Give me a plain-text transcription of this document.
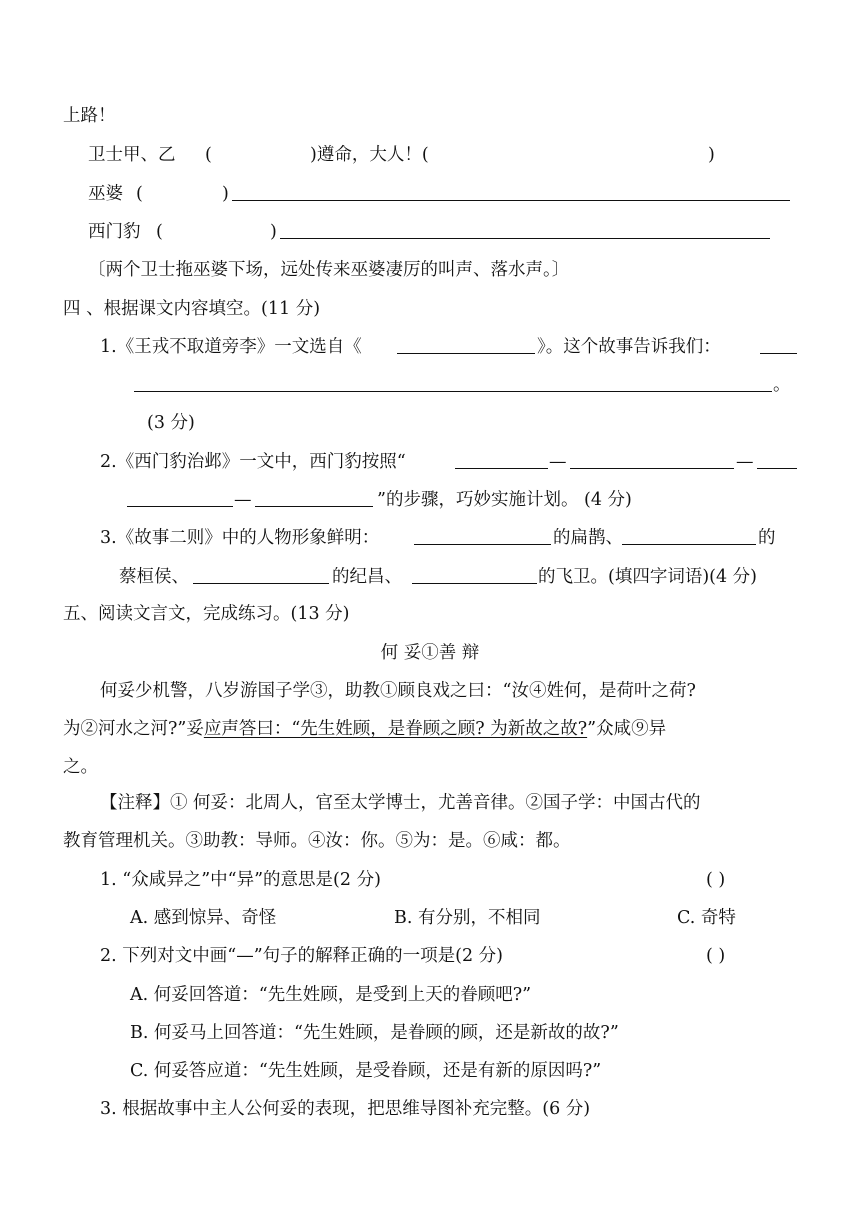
上路！
卫士甲、乙 (	)遵命，大人！(	)
巫婆 (	)
西门豹 (	)
〔两个卫士拖巫婆下场，远处传来巫婆凄厉的叫声、落水声。〕
四 、根据课文内容填空。(11 分)
1.《王戎不取道旁李》一文选自《	》。这个故事告诉我们：
。
(3 分)
2.《西门豹治邺》一文中，西门豹按照“	—	—
—	”的步骤，巧妙实施计划。 (4 分)
3.《故事二则》中的人物形象鲜明：	的扁鹊、	的
蔡桓侯、	的纪昌、	的飞卫。(填四字词语)(4 分)
五、阅读文言文，完成练习。(13 分)
何 妥①善 辩
何妥少机警，八岁游国子学③，助教①顾良戏之曰：“汝④姓何，是荷叶之荷?
为②河水之河?”妥应声答曰：“先生姓顾，是眷顾之顾? 为新故之故?”众咸⑨异
之。
【注释】① 何妥：北周人，官至太学博士，尤善音律。②国子学：中国古代的
教育管理机关。③助教：导师。④汝：你。⑤为：是。⑥咸：都。
1. “众咸异之”中“异”的意思是(2 分)	( )
A. 感到惊异、奇怪	B. 有分别，不相同	C. 奇特
2. 下列对文中画“—”句子的解释正确的一项是(2 分)	( )
A. 何妥回答道：“先生姓顾，是受到上天的眷顾吧?”
B. 何妥马上回答道：“先生姓顾，是眷顾的顾，还是新故的故?”
C. 何妥答应道：“先生姓顾，是受眷顾，还是有新的原因吗?”
3. 根据故事中主人公何妥的表现，把思维导图补充完整。(6 分)
